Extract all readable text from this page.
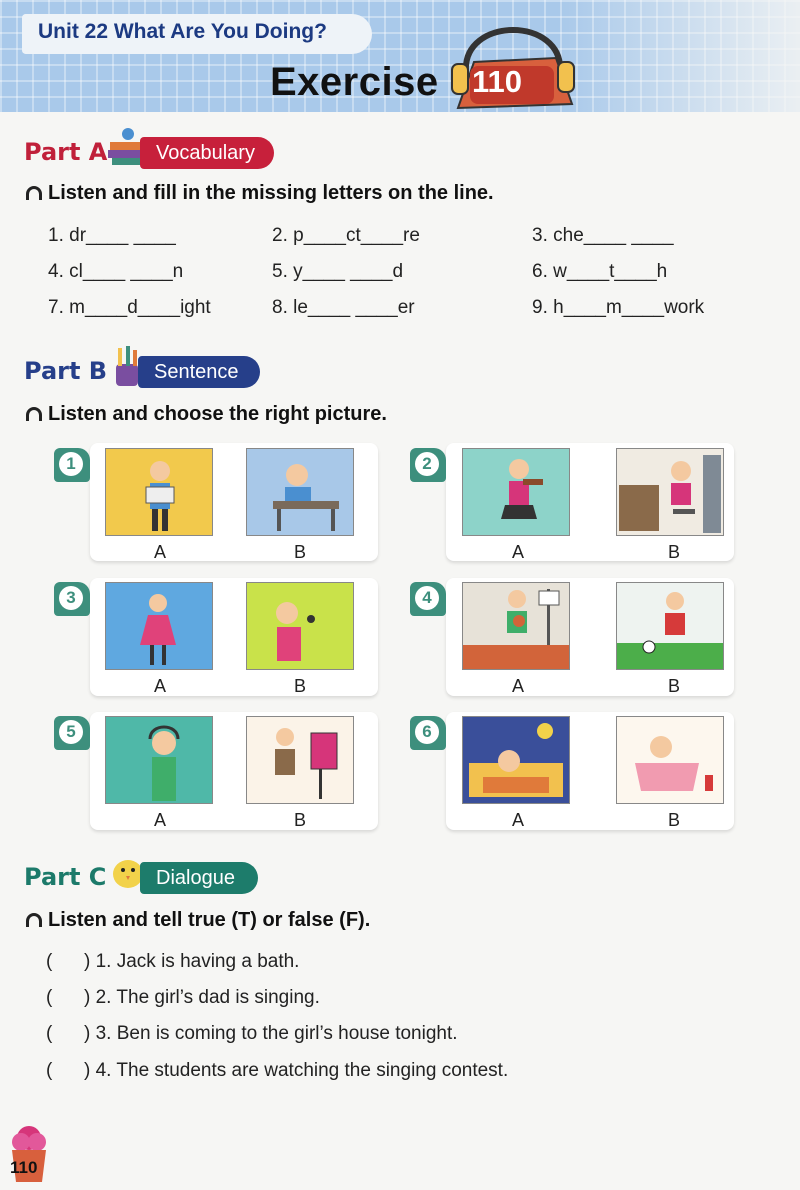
Unit 22 What Are You Doing?
Exercise 110
Part A	Vocabulary
Listen and fill in the missing letters on the line.
1. dr____ ____	2. p____ct____re	3. che____ ____
4. cl____ ____n	5. y____ ____d	6. w____t____h
7. m____d____ight	8. le____ ____er	9. h____m____work
Part B	Sentence
Listen and choose the right picture.
1
A	B
2
A	B
3
A	B
4
A	B
5
A	B
6
A	B
Part C	Dialogue
Listen and tell true (T) or false (F).
(      ) 1. Jack is having a bath.
(      ) 2. The girl’s dad is singing.
(      ) 3. Ben is coming to the girl’s house tonight.
(      ) 4. The students are watching the singing contest.
110
